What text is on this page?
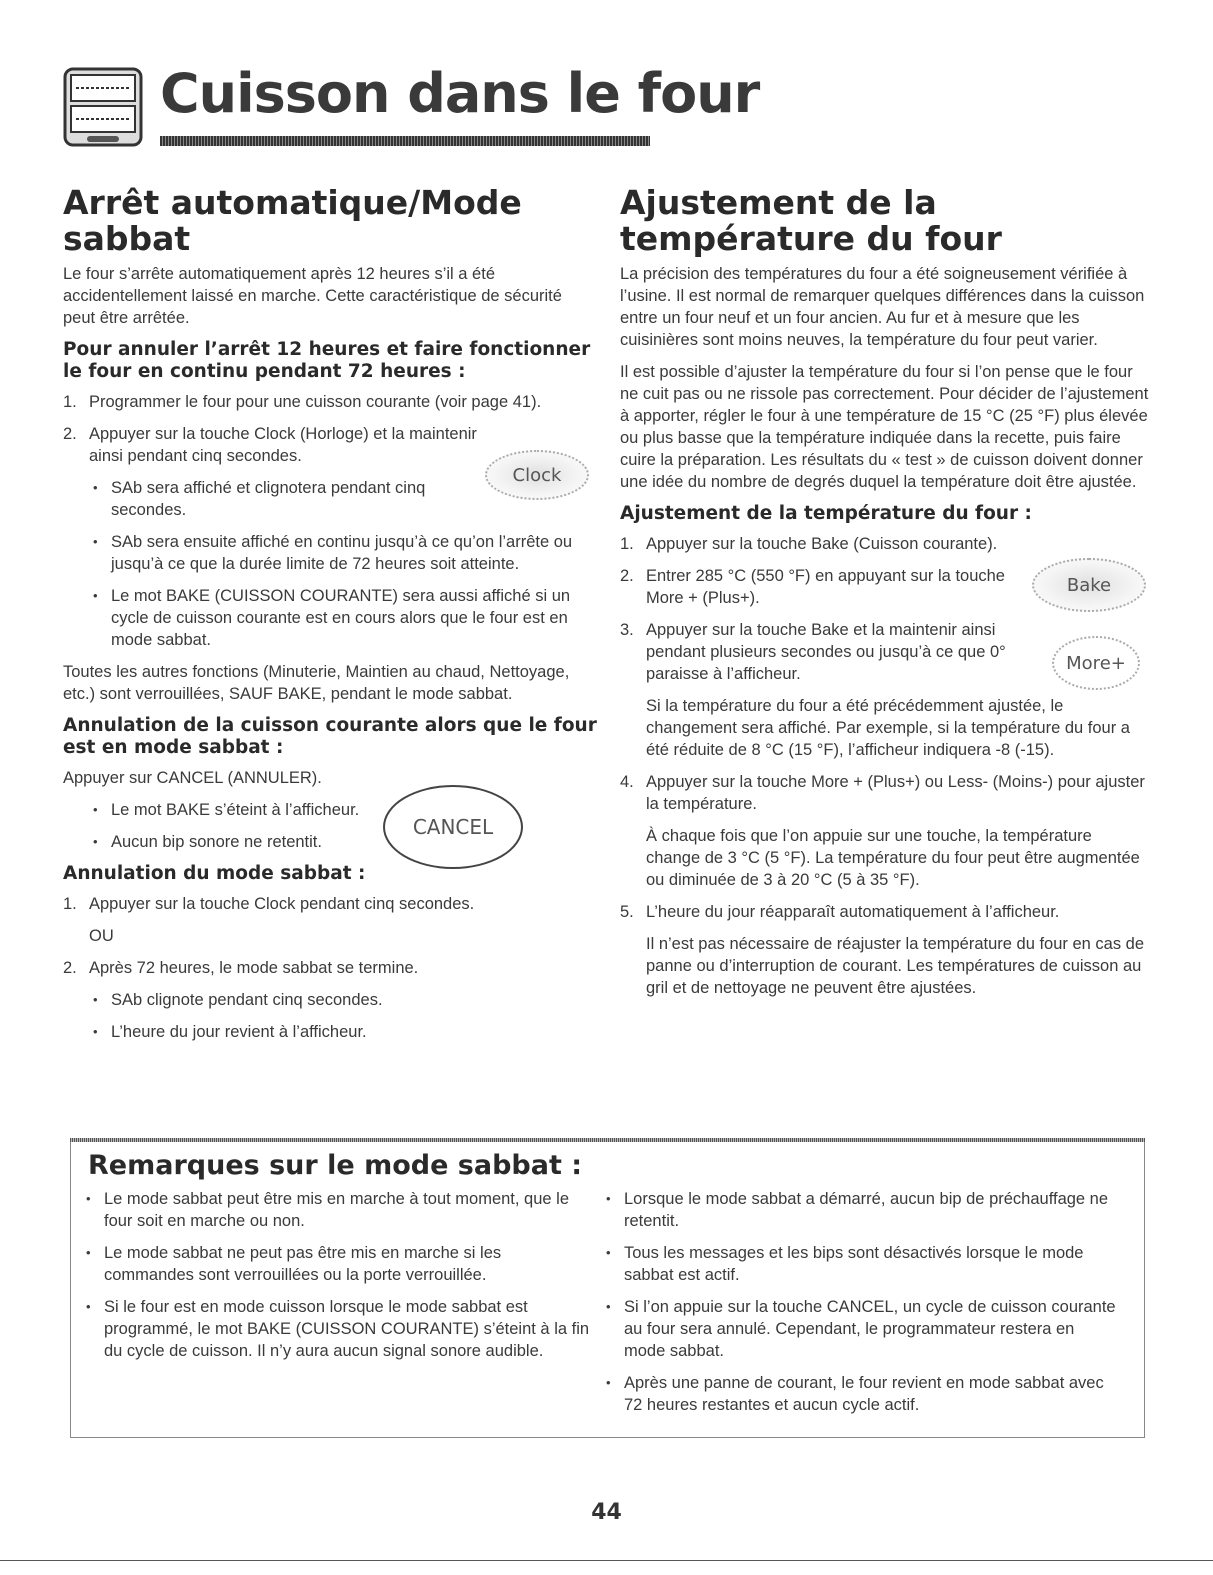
Cuisson dans le four
Arrêt automatique/Mode sabbat

Le four s’arrête automatiquement après 12 heures s’il a été accidentellement laissé en marche. Cette caractéristique de sécurité peut être arrêtée.

Pour annuler l’arrêt 12 heures et faire fonctionner le four en continu pendant 72 heures :
1. Programmer le four pour une cuisson courante (voir page 41).
2. Appuyer sur la touche Clock (Horloge) et la maintenir ainsi pendant cinq secondes.
• SAb sera affiché et clignotera pendant cinq secondes.
• SAb sera ensuite affiché en continu jusqu’à ce qu’on l’arrête ou jusqu’à ce que la durée limite de 72 heures soit atteinte.
• Le mot BAKE (CUISSON COURANTE) sera aussi affiché si un cycle de cuisson courante est en cours alors que le four est en mode sabbat.

Toutes les autres fonctions (Minuterie, Maintien au chaud, Nettoyage, etc.) sont verrouillées, SAUF BAKE, pendant le mode sabbat.

Annulation de la cuisson courante alors que le four est en mode sabbat :

Appuyer sur CANCEL (ANNULER).

• Le mot BAKE s’éteint à l’afficheur.
• Aucun bip sonore ne retentit.
Annulation du mode sabbat :
1. Appuyer sur la touche Clock pendant cinq secondes.

OU

2. Après 72 heures, le mode sabbat se termine.
• SAb clignote pendant cinq secondes.
• L’heure du jour revient à l’afficheur.
Ajustement de la température du four

La précision des températures du four a été soigneusement vérifiée à l’usine. Il est normal de remarquer quelques différences dans la cuisson entre un four neuf et un four ancien. Au fur et à mesure que les cuisinières sont moins neuves, la température du four peut varier.

Il est possible d’ajuster la température du four si l’on pense que le four ne cuit pas ou ne rissole pas correctement. Pour décider de l’ajustement à apporter, régler le four à une température de 15 °C (25 °F) plus élevée ou plus basse que la température indiquée dans la recette, puis faire cuire la préparation. Les résultats du « test » de cuisson doivent donner une idée du nombre de degrés duquel la température doit être ajustée.

Ajustement de la température du four :
1. Appuyer sur la touche Bake (Cuisson courante).
2. Entrer 285 °C (550 °F) en appuyant sur la touche More + (Plus+).
3. Appuyer sur la touche Bake et la maintenir ainsi pendant plusieurs secondes ou jusqu’à ce que 0° paraisse à l’afficheur.

Si la température du four a été précédemment ajustée, le changement sera affiché. Par exemple, si la température du four a été réduite de 8 °C (15 °F), l’afficheur indiquera -8 (-15).

4. Appuyer sur la touche More + (Plus+) ou Less- (Moins-) pour ajuster la température.

À chaque fois que l’on appuie sur une touche, la température change de 3 °C (5 °F). La température du four peut être augmentée ou diminuée de 3 à 20 °C (5 à 35 °F).

5. L’heure du jour réapparaît automatiquement à l’afficheur.

Il n’est pas nécessaire de réajuster la température du four en cas de panne ou d’interruption de courant. Les températures de cuisson au gril et de nettoyage ne peuvent être ajustées.

Clock
Bake
More+
CANCEL
Remarques sur le mode sabbat :
• Le mode sabbat peut être mis en marche à tout moment, que le four soit en marche ou non.
• Le mode sabbat ne peut pas être mis en marche si les commandes sont verrouillées ou la porte verrouillée.
• Si le four est en mode cuisson lorsque le mode sabbat est programmé, le mot BAKE (CUISSON COURANTE) s’éteint à la fin du cycle de cuisson. Il n’y aura aucun signal sonore audible.
• Lorsque le mode sabbat a démarré, aucun bip de préchauffage ne retentit.
• Tous les messages et les bips sont désactivés lorsque le mode sabbat est actif.
• Si l’on appuie sur la touche CANCEL, un cycle de cuisson courante au four sera annulé. Cependant, le programmateur restera en mode sabbat.
• Après une panne de courant, le four revient en mode sabbat avec 72 heures restantes et aucun cycle actif.
44
